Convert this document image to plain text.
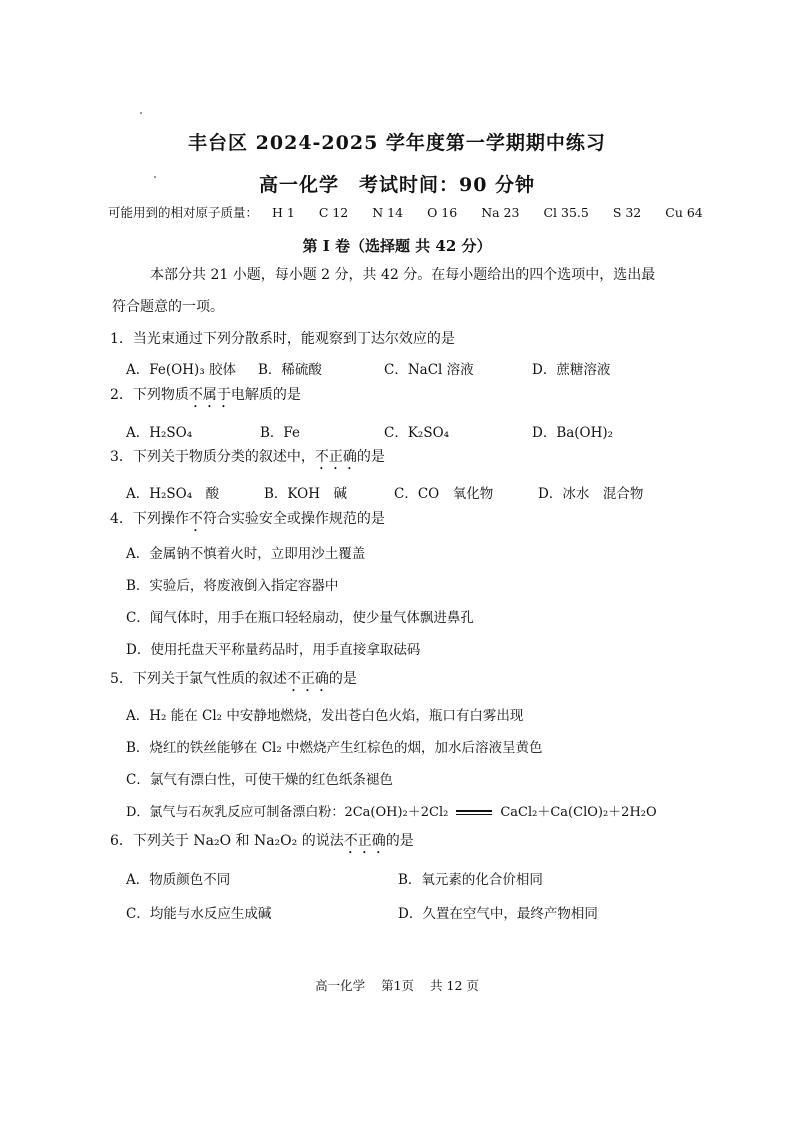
丰台区 2024-2025 学年度第一学期期中练习
高一化学　考试时间：90 分钟
可能用到的相对原子质量： H 1 C 12 N 14 O 16 Na 23 Cl 35.5 S 32 Cu 64
第 I 卷（选择题 共 42 分）
本部分共 21 小题，每小题 2 分，共 42 分。在每小题给出的四个选项中，选出最
符合题意的一项。
1．当光束通过下列分散系时，能观察到丁达尔效应的是
A．Fe(OH)₃ 胶体 B．稀硫酸	C．NaCl 溶液	D．蔗糖溶液
2．下列物质不属于电解质的是
A．H₂SO₄	B．Fe	C．K₂SO₄	D．Ba(OH)₂
3．下列关于物质分类的叙述中，不正确的是
A．H₂SO₄　酸	B．KOH　碱	C．CO　氧化物	D．冰水　混合物
4．下列操作不符合实验安全或操作规范的是
A．金属钠不慎着火时，立即用沙土覆盖
B．实验后，将废液倒入指定容器中
C．闻气体时，用手在瓶口轻轻扇动，使少量气体飘进鼻孔
D．使用托盘天平称量药品时，用手直接拿取砝码
5．下列关于氯气性质的叙述不正确的是
A．H₂ 能在 Cl₂ 中安静地燃烧，发出苍白色火焰，瓶口有白雾出现
B．烧红的铁丝能够在 Cl₂ 中燃烧产生红棕色的烟，加水后溶液呈黄色
C．氯气有漂白性，可使干燥的红色纸条褪色
D．氯气与石灰乳反应可制备漂白粉：2Ca(OH)₂＋2Cl₂	CaCl₂＋Ca(ClO)₂＋2H₂O
6．下列关于 Na₂O 和 Na₂O₂ 的说法不正确的是
A．物质颜色不同	B．氧元素的化合价相同
C．均能与水反应生成碱	D．久置在空气中，最终产物相同
高一化学 第1页 共 12 页
